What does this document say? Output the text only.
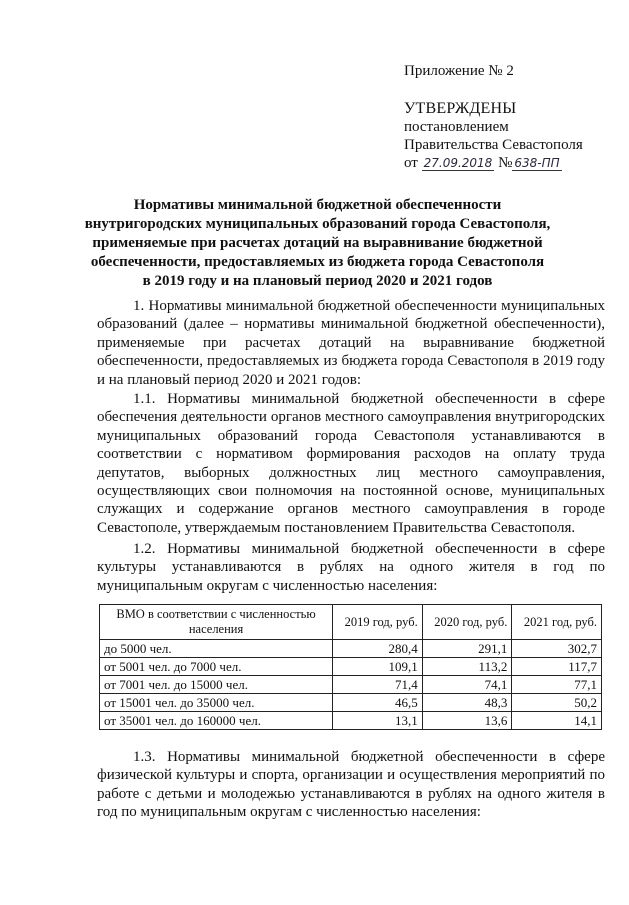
Приложение № 2
УТВЕРЖДЕНЫ
постановлением
Правительства Севастополя
от 27.09.2018 № 638-ПП
Нормативы минимальной бюджетной обеспеченности
внутригородских муниципальных образований города Севастополя,
применяемые при расчетах дотаций на выравнивание бюджетной
обеспеченности, предоставляемых из бюджета города Севастополя
в 2019 году и на плановый период 2020 и 2021 годов

1. Нормативы минимальной бюджетной обеспеченности муниципальных образований (далее – нормативы минимальной бюджетной обеспеченности), применяемые при расчетах дотаций на выравнивание бюджетной обеспеченности, предоставляемых из бюджета города Севастополя в 2019 году и на плановый период 2020 и 2021 годов:

1.1. Нормативы минимальной бюджетной обеспеченности в сфере обеспечения деятельности органов местного самоуправления внутригородских муниципальных образований города Севастополя устанавливаются в соответствии с нормативом формирования расходов на оплату труда депутатов, выборных должностных лиц местного самоуправления, осуществляющих свои полномочия на постоянной основе, муниципальных служащих и содержание органов местного самоуправления в городе Севастополе, утверждаемым постановлением Правительства Севастополя.

1.2. Нормативы минимальной бюджетной обеспеченности в сфере культуры устанавливаются в рублях на одного жителя в год по муниципальным округам с численностью населения:

ВМО в соответствии с численностью населения	2019 год, руб.	2020 год, руб.	2021 год, руб.
до 5000 чел.	280,4	291,1	302,7
от 5001 чел. до 7000 чел.	109,1	113,2	117,7
от 7001 чел. до 15000 чел.	71,4	74,1	77,1
от 15001 чел. до 35000 чел.	46,5	48,3	50,2
от 35001 чел. до 160000 чел.	13,1	13,6	14,1

1.3. Нормативы минимальной бюджетной обеспеченности в сфере физической культуры и спорта, организации и осуществления мероприятий по работе с детьми и молодежью устанавливаются в рублях на одного жителя в год по муниципальным округам с численностью населения:
